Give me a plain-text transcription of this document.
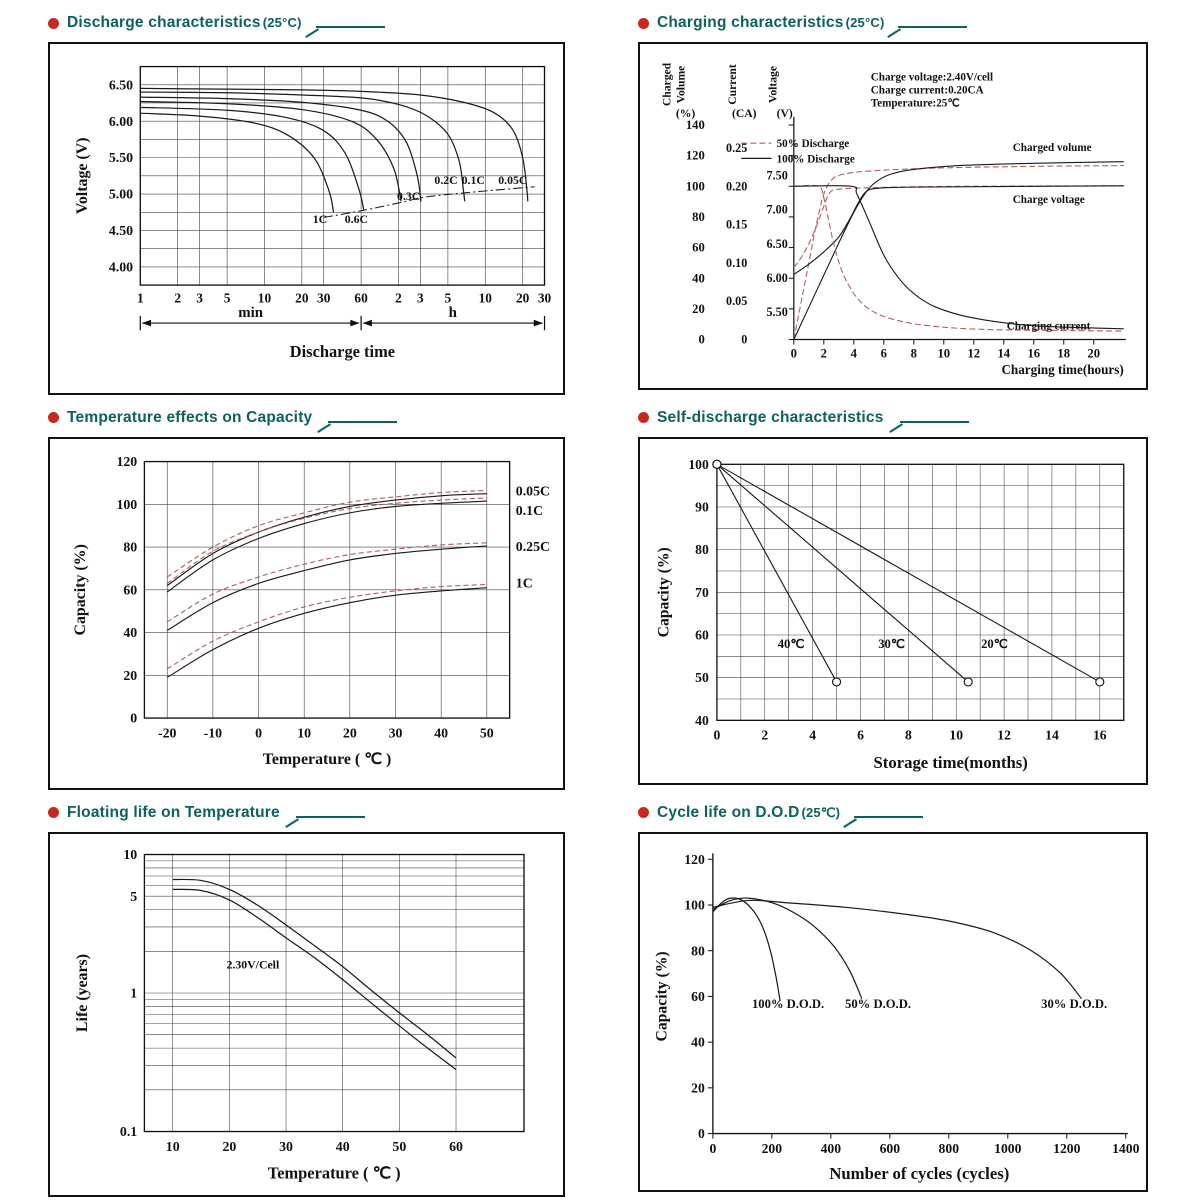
Discharge characteristics (25°C)
4.00
4.50
5.00
5.50
6.00
6.50
Voltage (V)
1 2 3 5 10 20 30 60 2 3 5 10 20 30
1C 0.6C
0.3C
0.2C 0.1C 0.05C
min	h
Discharge time
Charging characteristics (25°C)
0
20
40
60
80
100
120
140
0
0.05
0.10
0.15
0.20
0.25
5.50
6.00
6.50
7.00
7.50
0 2 4 6 8 10 12 14 16 18 20
Charging time(hours)
Charged Volume
(%)
Current
(CA)
Voltage
(V)
Charge voltage:2.40V/cell
Charge current:0.20CA
Temperature:25℃
50% Discharge
100% Discharge
Charged volume
Charge voltage
Charging current
Temperature effects on Capacity
-20 -10 0	10 20 30 40 50
0
20
40
60
80
100
120
Capacity (%)
Temperature ( ℃ )
0.05C
0.1C
0.25C
1C
Self-discharge characteristics
0	2	4	6	8	10	12	14	16
40
50
60
70
80
90
100
Capacity (%)
Storage time(months)
40℃	30℃	20℃
Floating life on Temperature
10
5
1
0.1
10	20	30	40	50	60
Life (years)
Temperature ( ℃ )
2.30V/Cell
Cycle life on D.O.D (25℃)
0	200	400	600	800	1000 1200 1400
0
20
40
60
80
100
120
Capacity (%)
Number of cycles (cycles)
100% D.O.D. 50% D.O.D.	30% D.O.D.
